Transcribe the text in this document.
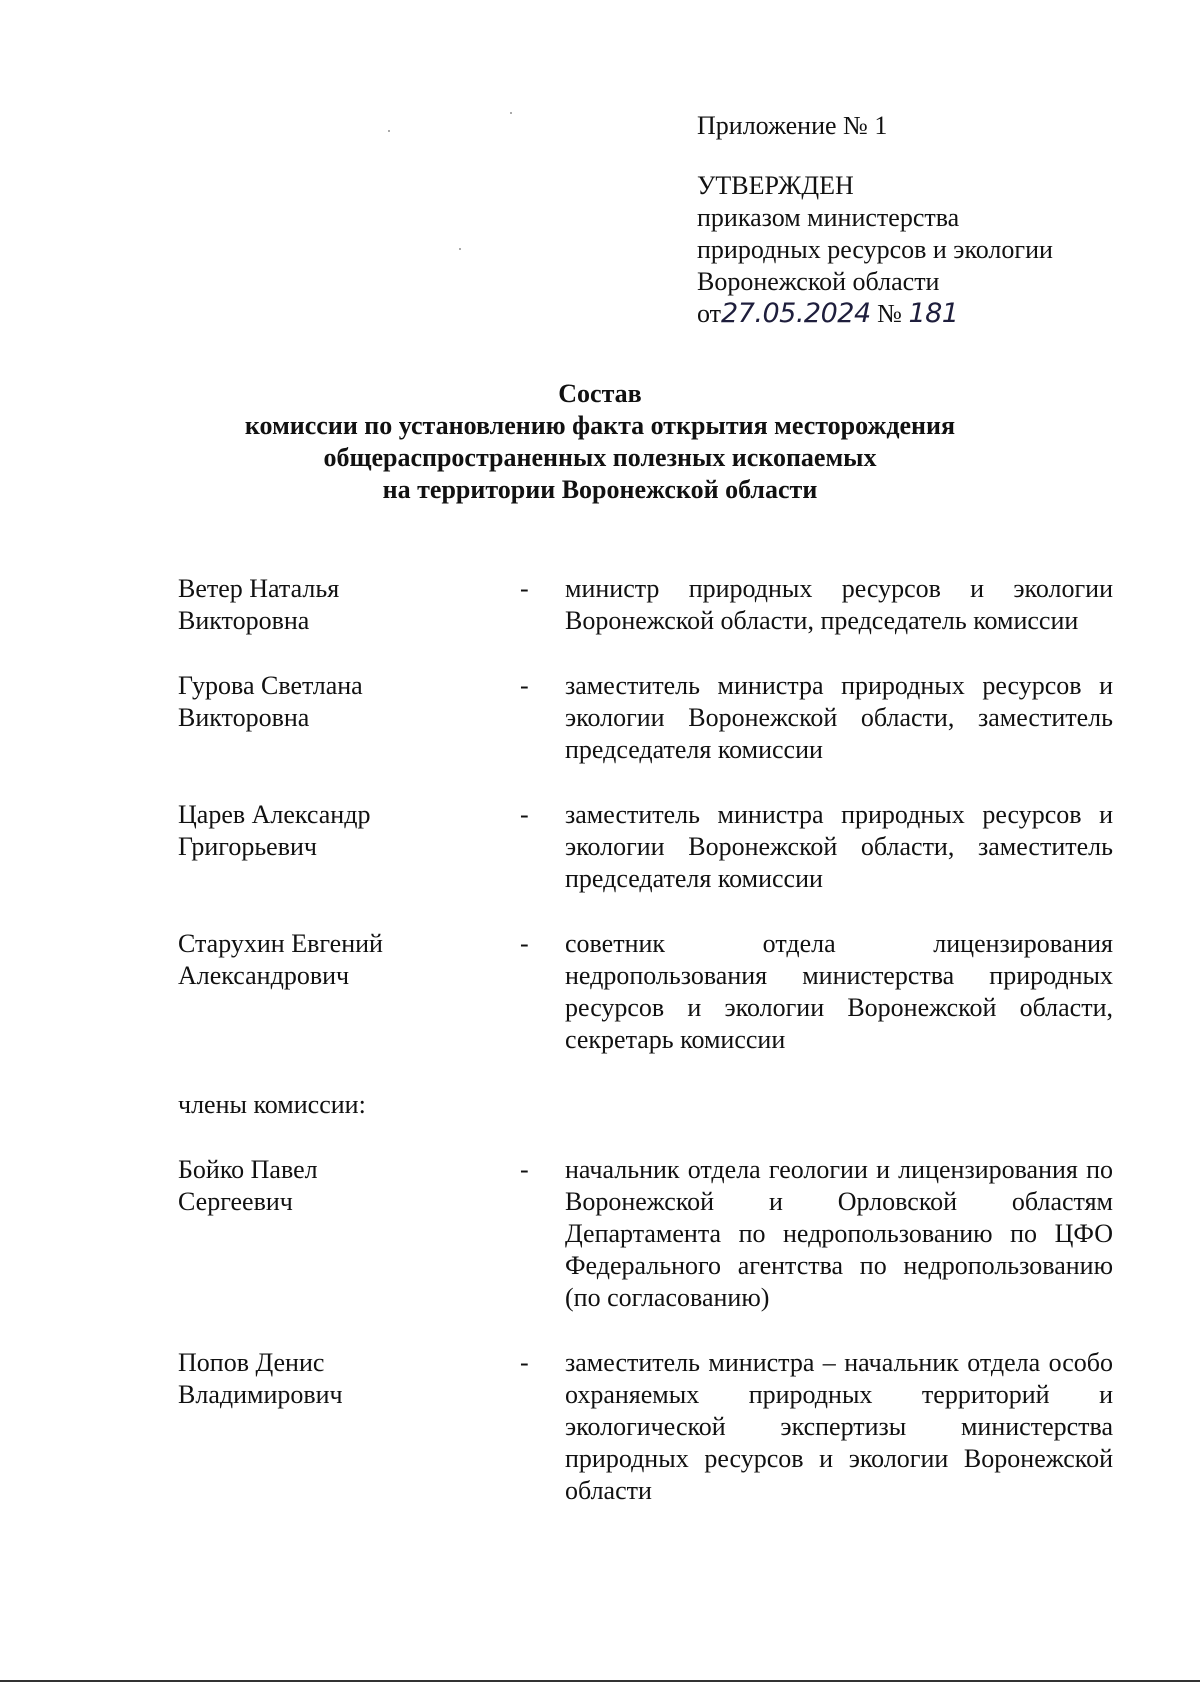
Приложение № 1
УТВЕРЖДЕН
приказом министерства
природных ресурсов и экологии
Воронежской области
от27.05.2024 № 181
Состав
комиссии по установлению факта открытия месторождения
общераспространенных полезных ископаемых
на территории Воронежской области
Ветер Наталья
Викторовна
-	министр природных ресурсов и экологии Воронежской области, председатель комиссии
Гурова Светлана
Викторовна
-	заместитель министра природных ресурсов и экологии Воронежской области, заместитель председателя комиссии
Царев Александр
Григорьевич
-	заместитель министра природных ресурсов и экологии Воронежской области, заместитель председателя комиссии
Старухин Евгений
Александрович
-	советник отдела лицензирования недропользования министерства природных ресурсов и экологии Воронежской области, секретарь комиссии
члены комиссии:
Бойко Павел
Сергеевич
-	начальник отдела геологии и лицензирования по Воронежской и Орловской областям Департамента по недропользованию по ЦФО Федерального агентства по недропользованию (по согласованию)
Попов Денис
Владимирович
-	заместитель министра – начальник отдела особо охраняемых природных территорий и экологической экспертизы министерства природных ресурсов и экологии Воронежской области
